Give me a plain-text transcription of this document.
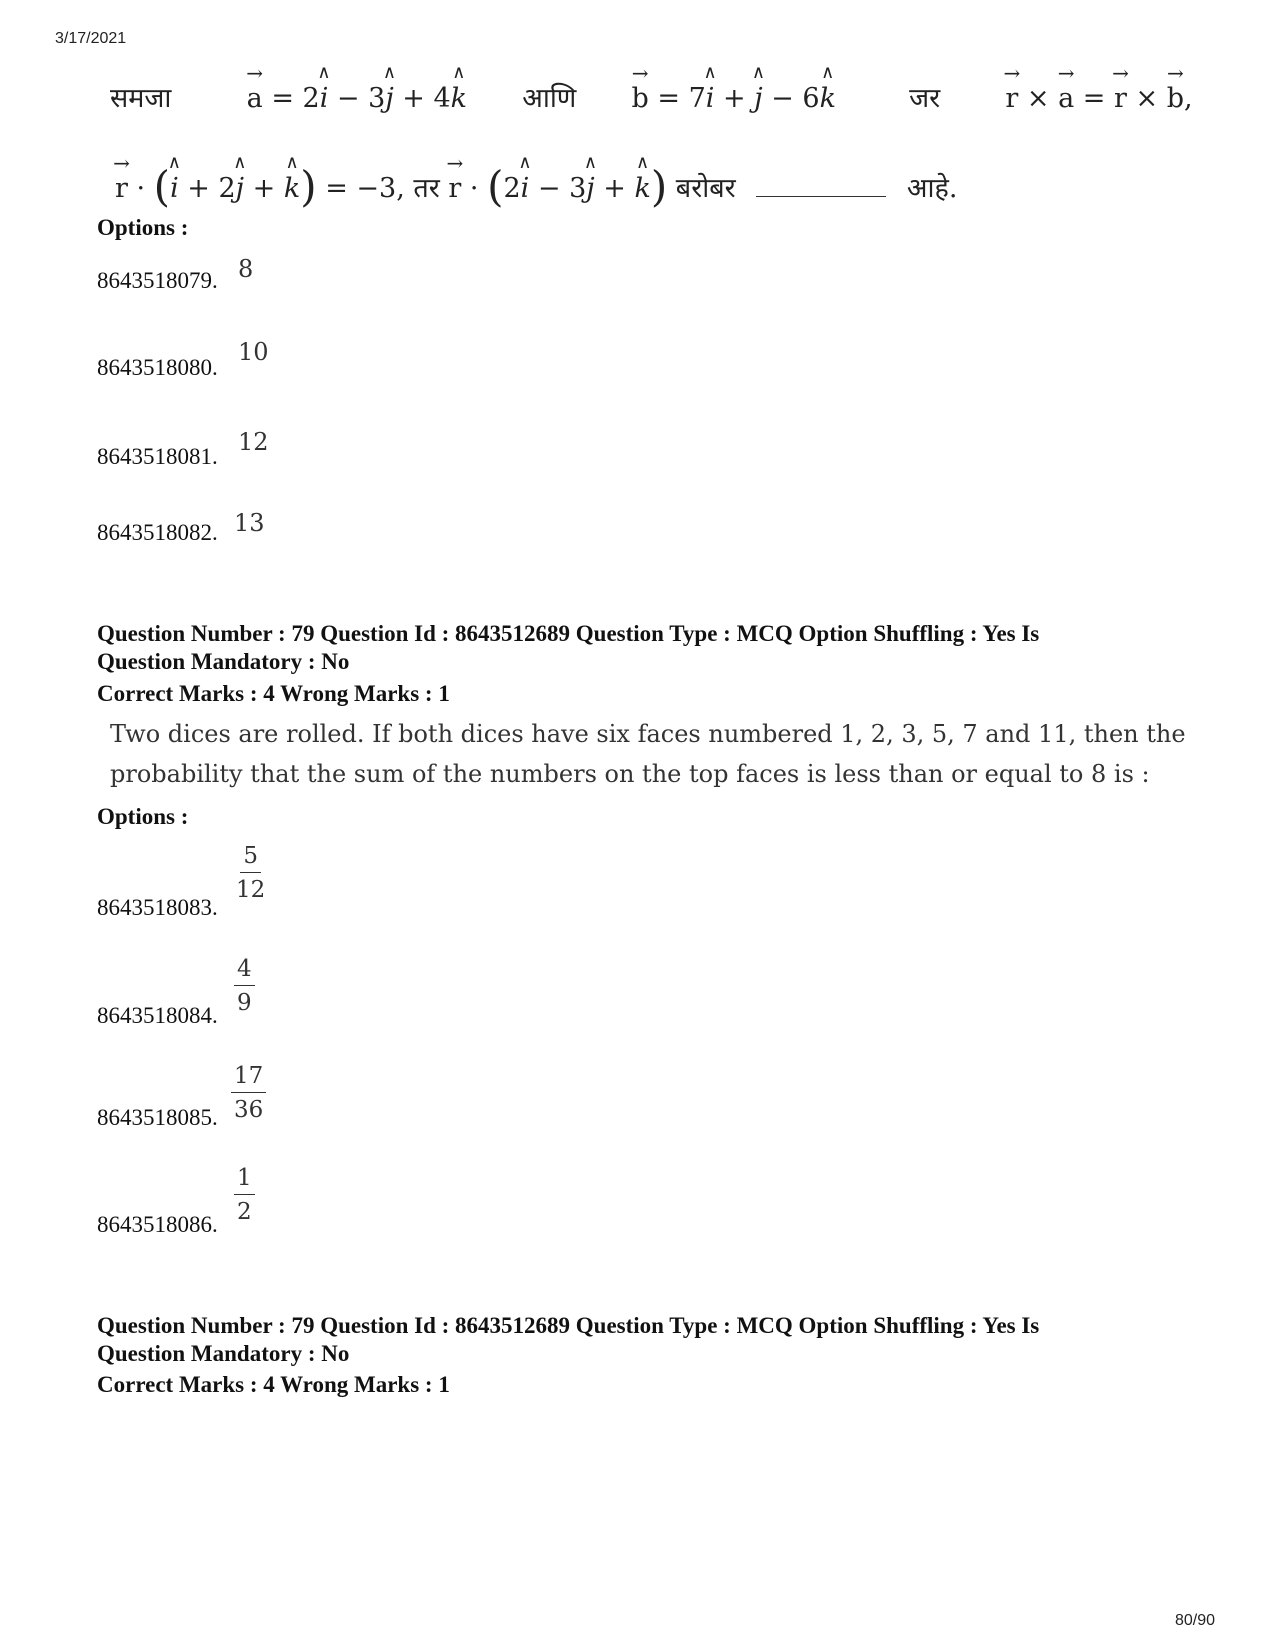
3/17/2021
समजा	→ a = 2∧ i − 3∧ j + 4∧ k आणि → b = 7∧ i + ∧ j − 6∧ k	जर → r × → a = → r × → b,
→ r · (∧ i + 2∧ j + ∧ k) = −3, तर → r · (2∧ i − 3∧ j + ∧ k) बरोबर	आहे.
Options :
8643518079. 8
8643518080.
10
8643518081.
12
8643518082. 13
Question Number : 79 Question Id : 8643512689 Question Type : MCQ Option Shuffling : Yes Is
Question Mandatory : No
Correct Marks : 4 Wrong Marks : 1
Two dices are rolled. If both dices have six faces numbered 1, 2, 3, 5, 7 and 11, then the
probability that the sum of the numbers on the top faces is less than or equal to 8 is :
Options :
8643518083.
$\frac{5}{12}$
8643518084. $\frac{4}{9}$
8643518085. $\frac{17}{36}$
8643518086. $\frac{1}{2}$
Question Number : 79 Question Id : 8643512689 Question Type : MCQ Option Shuffling : Yes Is
Question Mandatory : No
Correct Marks : 4 Wrong Marks : 1
80/90
